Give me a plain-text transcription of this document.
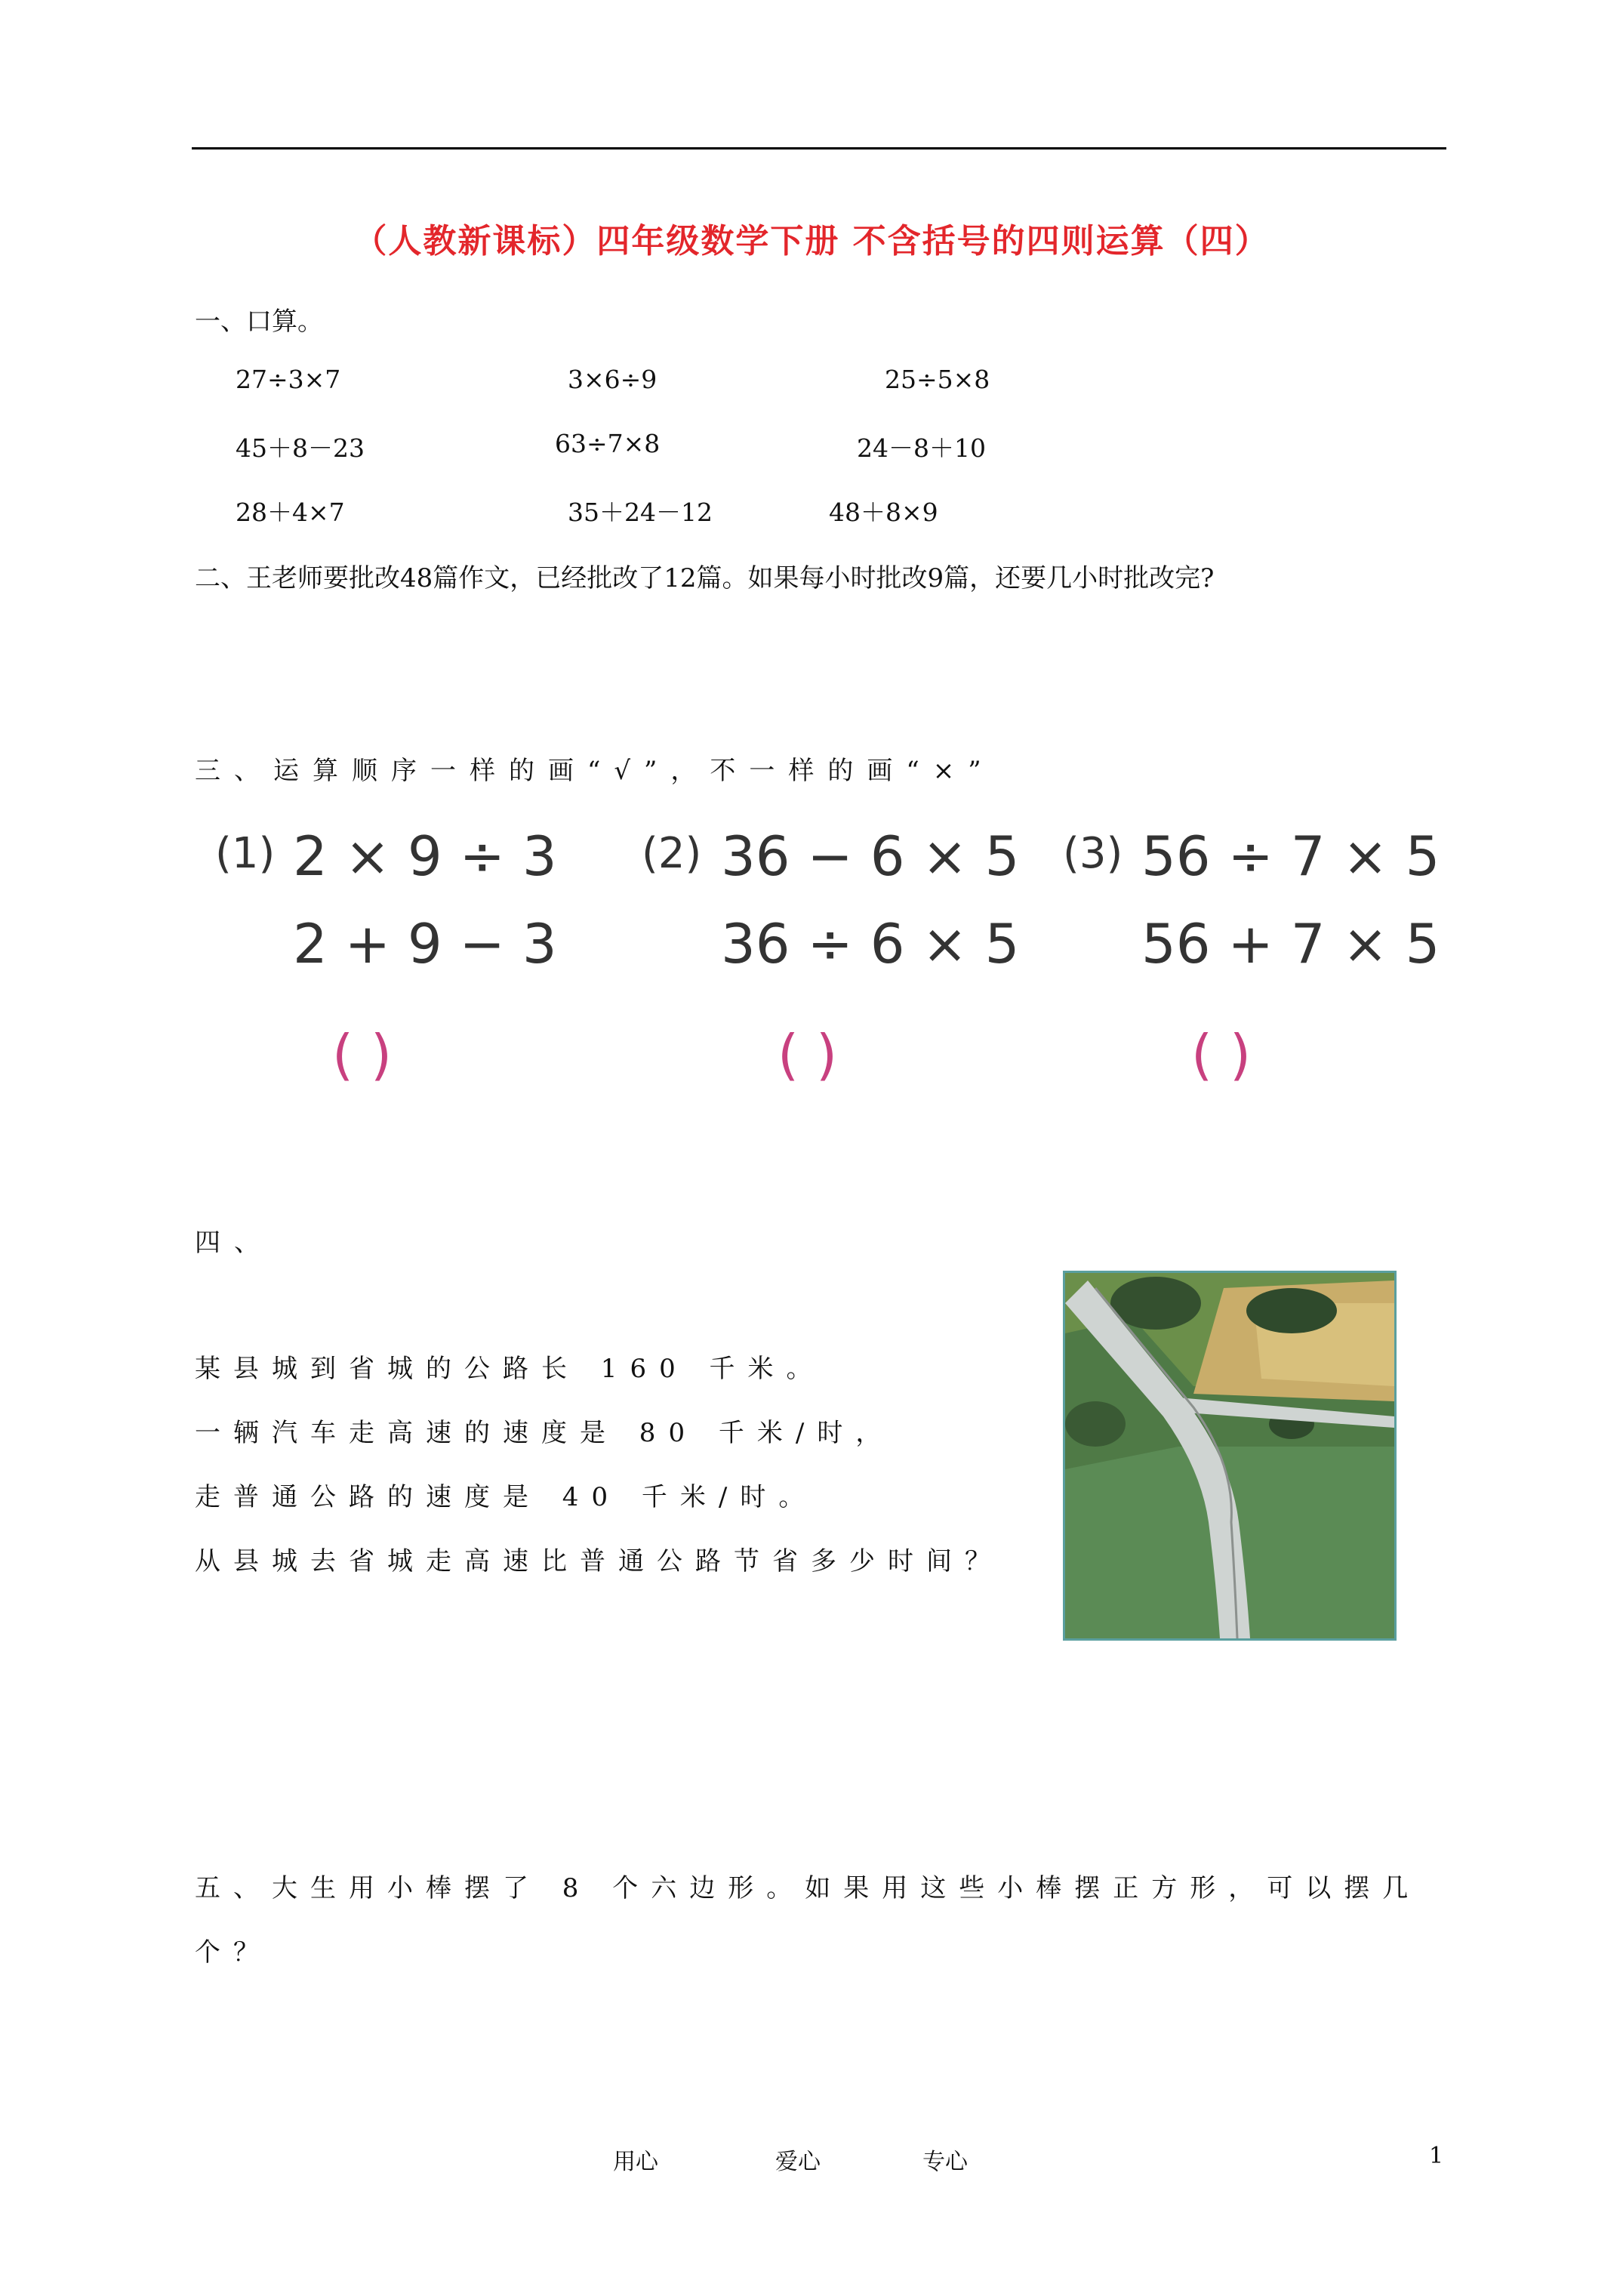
（人教新课标）四年级数学下册 不含括号的四则运算（四）
一、口算。
27÷3×7	3×6÷9	25÷5×8
45＋8－23	63÷7×8	24－8＋10
28＋4×7	35＋24－12	48＋8×9
二、王老师要批改48篇作文，已经批改了12篇。如果每小时批改9篇，还要几小时批改完?
三、运算顺序一样的画“√”，不一样的画“×”
(1) 2 × 9 ÷ 3
2 + 9 − 3
( )
(2) 36 − 6 × 5
36 ÷ 6 × 5
( )
(3) 56 ÷ 7 × 5
56 + 7 × 5
( )
四、
某县城到省城的公路长 160 千米。
一辆汽车走高速的速度是 80 千米/时，
走普通公路的速度是 40 千米/时。
从县城去省城走高速比普通公路节省多少时间？
五、大生用小棒摆了 8 个六边形。如果用这些小棒摆正方形，可以摆几
个？
用心	爱心	专心	1
